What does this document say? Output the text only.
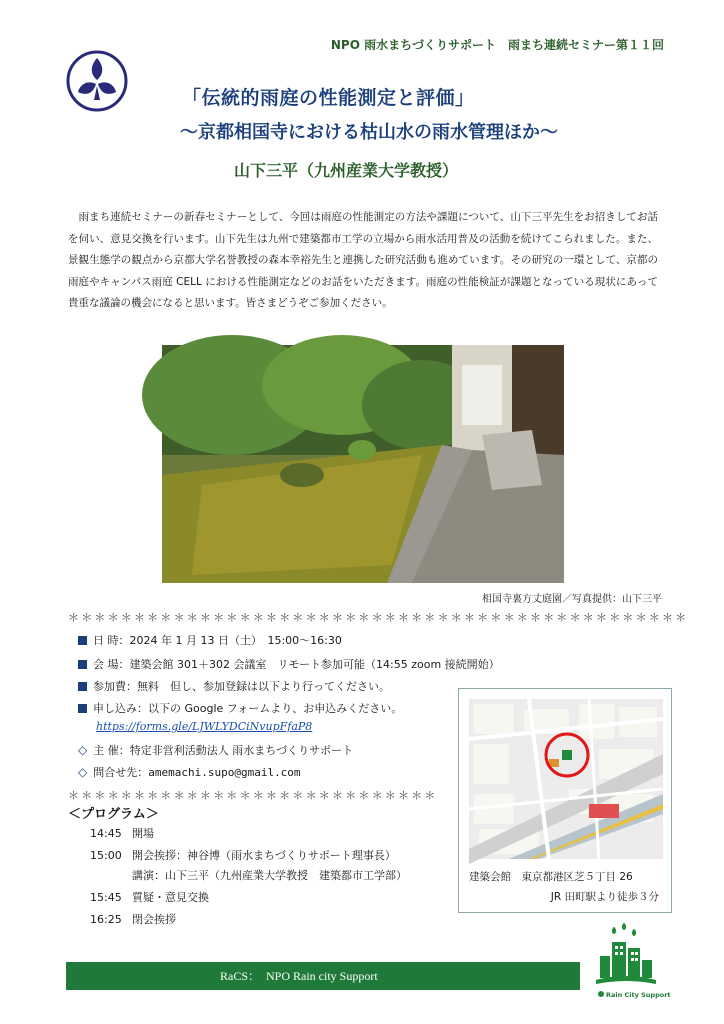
NPO 雨水まちづくりサポート　雨まち連続セミナー第１１回
「伝統的雨庭の性能測定と評価」
～京都相国寺における枯山水の雨水管理ほか～
山下三平（九州産業大学教授）

雨まち連続セミナーの新春セミナーとして、今回は雨庭の性能測定の方法や課題について、山下三平先生をお招きしてお話を伺い、意見交換を行います。山下先生は九州で建築都市工学の立場から雨水活用普及の活動を続けてこられました。また、景観生態学の観点から京都大学名誉教授の森本幸裕先生と連携した研究活動も進めています。その研究の一環として、京都の雨庭やキャンパス雨庭 CELL における性能測定などのお話をいただきます。雨庭の性能検証が課題となっている現状にあって貴重な議論の機会になると思います。皆さまどうぞご参加ください。

相国寺裏方丈庭園／写真提供：山下三平
＊＊＊＊＊＊＊＊＊＊＊＊＊＊＊＊＊＊＊＊＊＊＊＊＊＊＊＊＊＊＊＊＊＊＊＊＊＊＊＊＊＊＊＊＊＊＊
日 時：2024 年 1 月 13 日（土）　15:00～16:30
会 場：建築会館 301＋302 会議室　リモート参加可能（14:55 zoom 接続開始）
参加費：無料　但し、参加登録は以下より行ってください。
申し込み：以下の Google フォームより、お申込みください。
https://forms.gle/LJWLYDCiNvupFfaP8
◇ 主 催：特定非営利活動法人 雨水まちづくりサポート
◇ 問合せ先：amemachi.supo@gmail.com
＊＊＊＊＊＊＊＊＊＊＊＊＊＊＊＊＊＊＊＊＊＊＊＊＊＊＊＊
＜プログラム＞
14:45 開場
15:00 開会挨拶：神谷博（雨水まちづくりサポート理事長）
講演：山下三平（九州産業大学教授　建築都市工学部）
15:45 質疑・意見交換
16:25 閉会挨拶
建築会館　東京都港区芝５丁目 26
JR 田町駅より徒歩３分
RaCS：　NPO Rain city Support
Rain City Support
